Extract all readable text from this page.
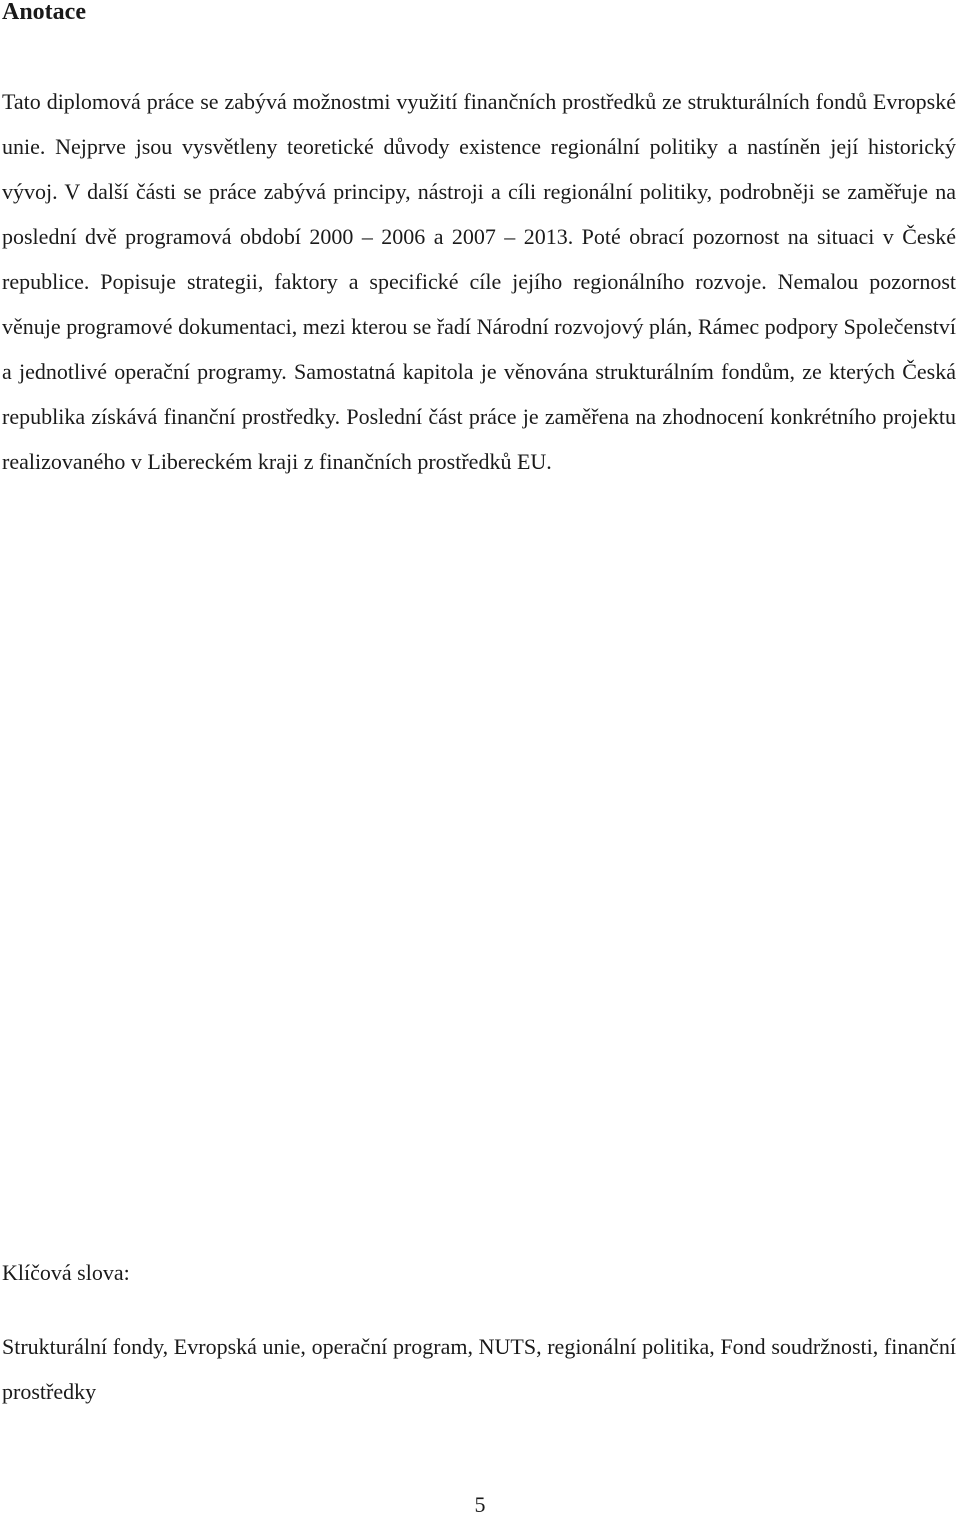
Anotace

Tato diplomová práce se zabývá možnostmi využití finančních prostředků ze strukturálních fondů Evropské unie. Nejprve jsou vysvětleny teoretické důvody existence regionální politiky a nastíněn její historický vývoj. V další části se práce zabývá principy, nástroji a cíli regionální politiky, podrobněji se zaměřuje na poslední dvě programová období 2000 – 2006 a 2007 – 2013. Poté obrací pozornost na situaci v České republice. Popisuje strategii, faktory a specifické cíle jejího regionálního rozvoje. Nemalou pozornost věnuje programové dokumentaci, mezi kterou se řadí Národní rozvojový plán, Rámec podpory Společenství a jednotlivé operační programy. Samostatná kapitola je věnována strukturálním fondům, ze kterých Česká republika získává finanční prostředky. Poslední část práce je zaměřena na zhodnocení konkrétního projektu realizovaného v Libereckém kraji z finančních prostředků EU.

Klíčová slova:

Strukturální fondy, Evropská unie, operační program, NUTS, regionální politika, Fond soudržnosti, finanční prostředky

5
